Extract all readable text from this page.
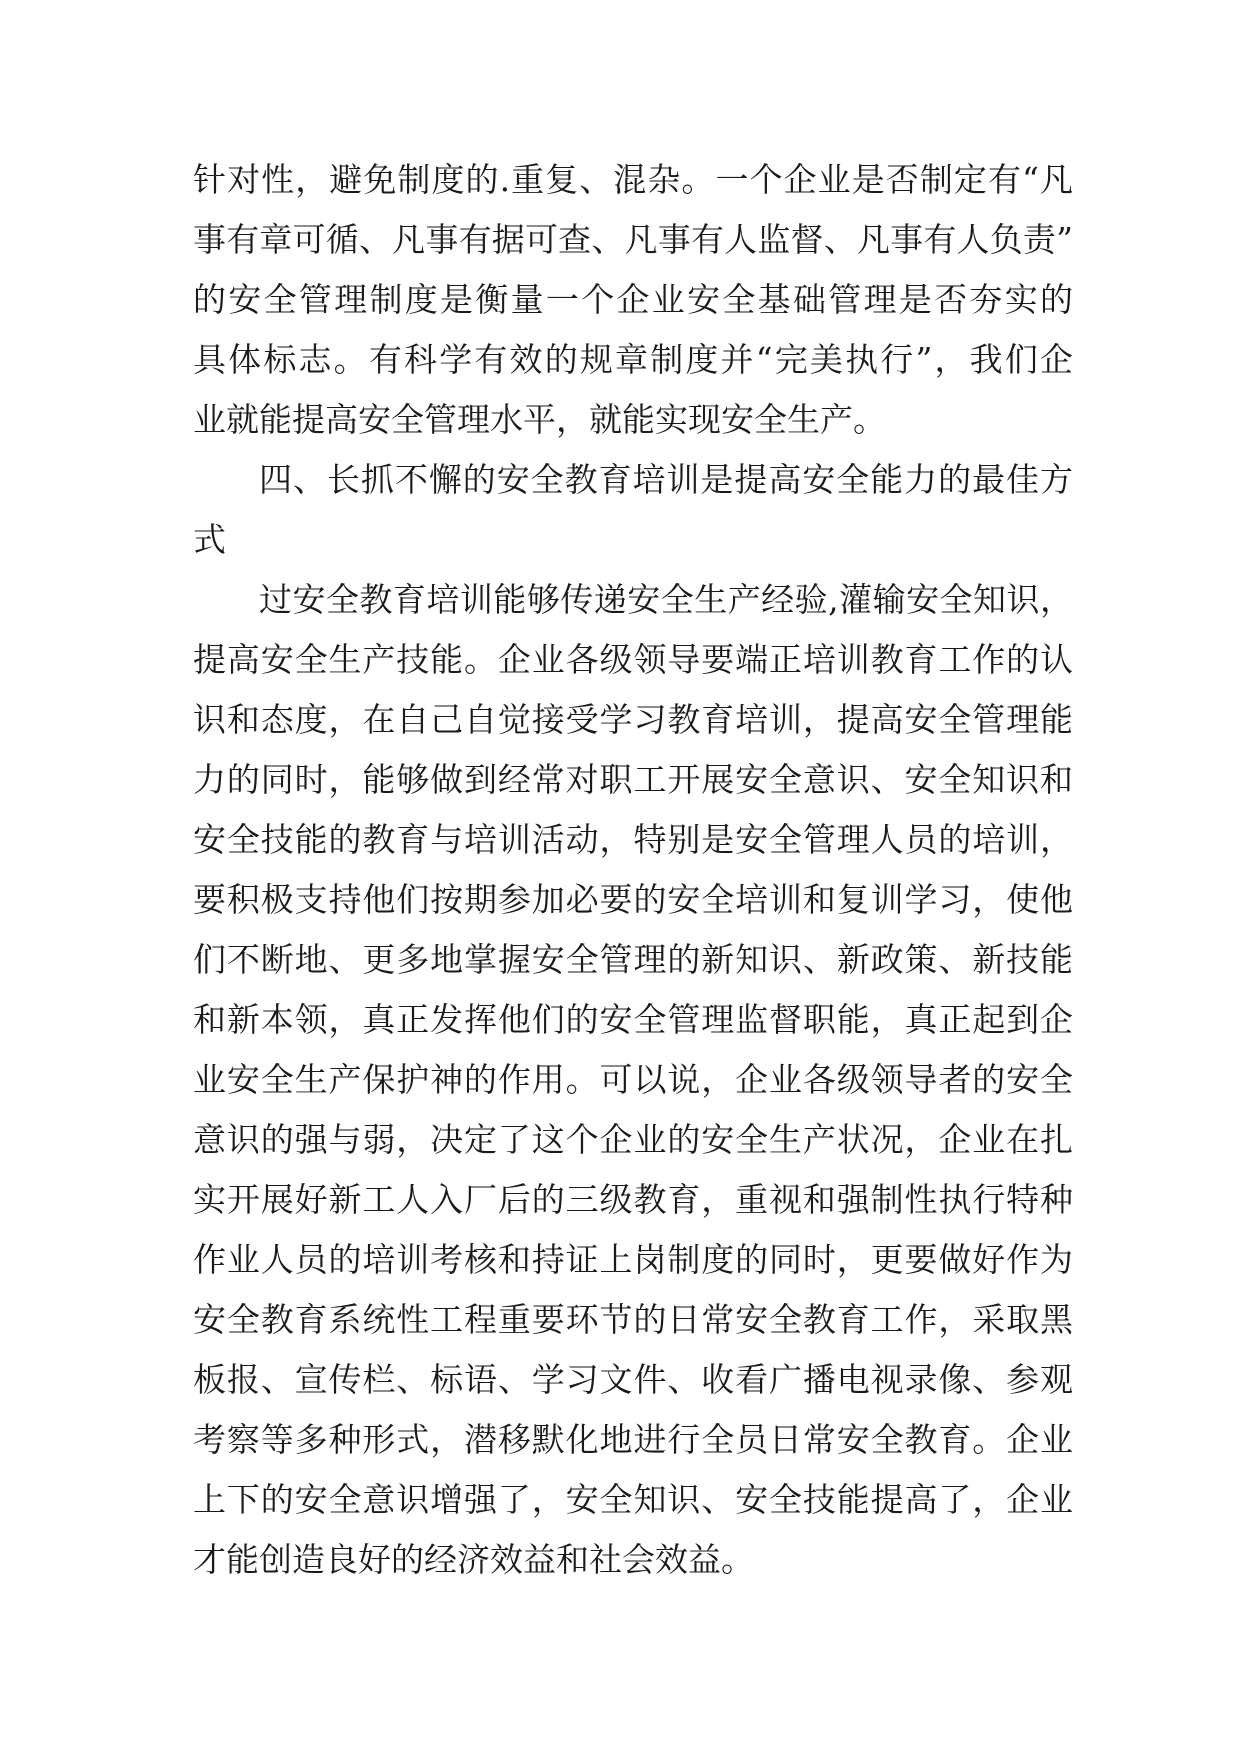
针对性，避免制度的.重复、混杂。一个企业是否制定有“凡
事有章可循、凡事有据可查、凡事有人监督、凡事有人负责”
的安全管理制度是衡量一个企业安全基础管理是否夯实的
具体标志。有科学有效的规章制度并“完美执行”，我们企
业就能提高安全管理水平，就能实现安全生产。
四、长抓不懈的安全教育培训是提高安全能力的最佳方
式
过安全教育培训能够传递安全生产经验,灌输安全知识，
提高安全生产技能。企业各级领导要端正培训教育工作的认
识和态度，在自己自觉接受学习教育培训，提高安全管理能
力的同时，能够做到经常对职工开展安全意识、安全知识和
安全技能的教育与培训活动，特别是安全管理人员的培训，
要积极支持他们按期参加必要的安全培训和复训学习，使他
们不断地、更多地掌握安全管理的新知识、新政策、新技能
和新本领，真正发挥他们的安全管理监督职能，真正起到企
业安全生产保护神的作用。可以说，企业各级领导者的安全
意识的强与弱，决定了这个企业的安全生产状况，企业在扎
实开展好新工人入厂后的三级教育，重视和强制性执行特种
作业人员的培训考核和持证上岗制度的同时，更要做好作为
安全教育系统性工程重要环节的日常安全教育工作，采取黑
板报、宣传栏、标语、学习文件、收看广播电视录像、参观
考察等多种形式，潜移默化地进行全员日常安全教育。企业
上下的安全意识增强了，安全知识、安全技能提高了，企业
才能创造良好的经济效益和社会效益。
